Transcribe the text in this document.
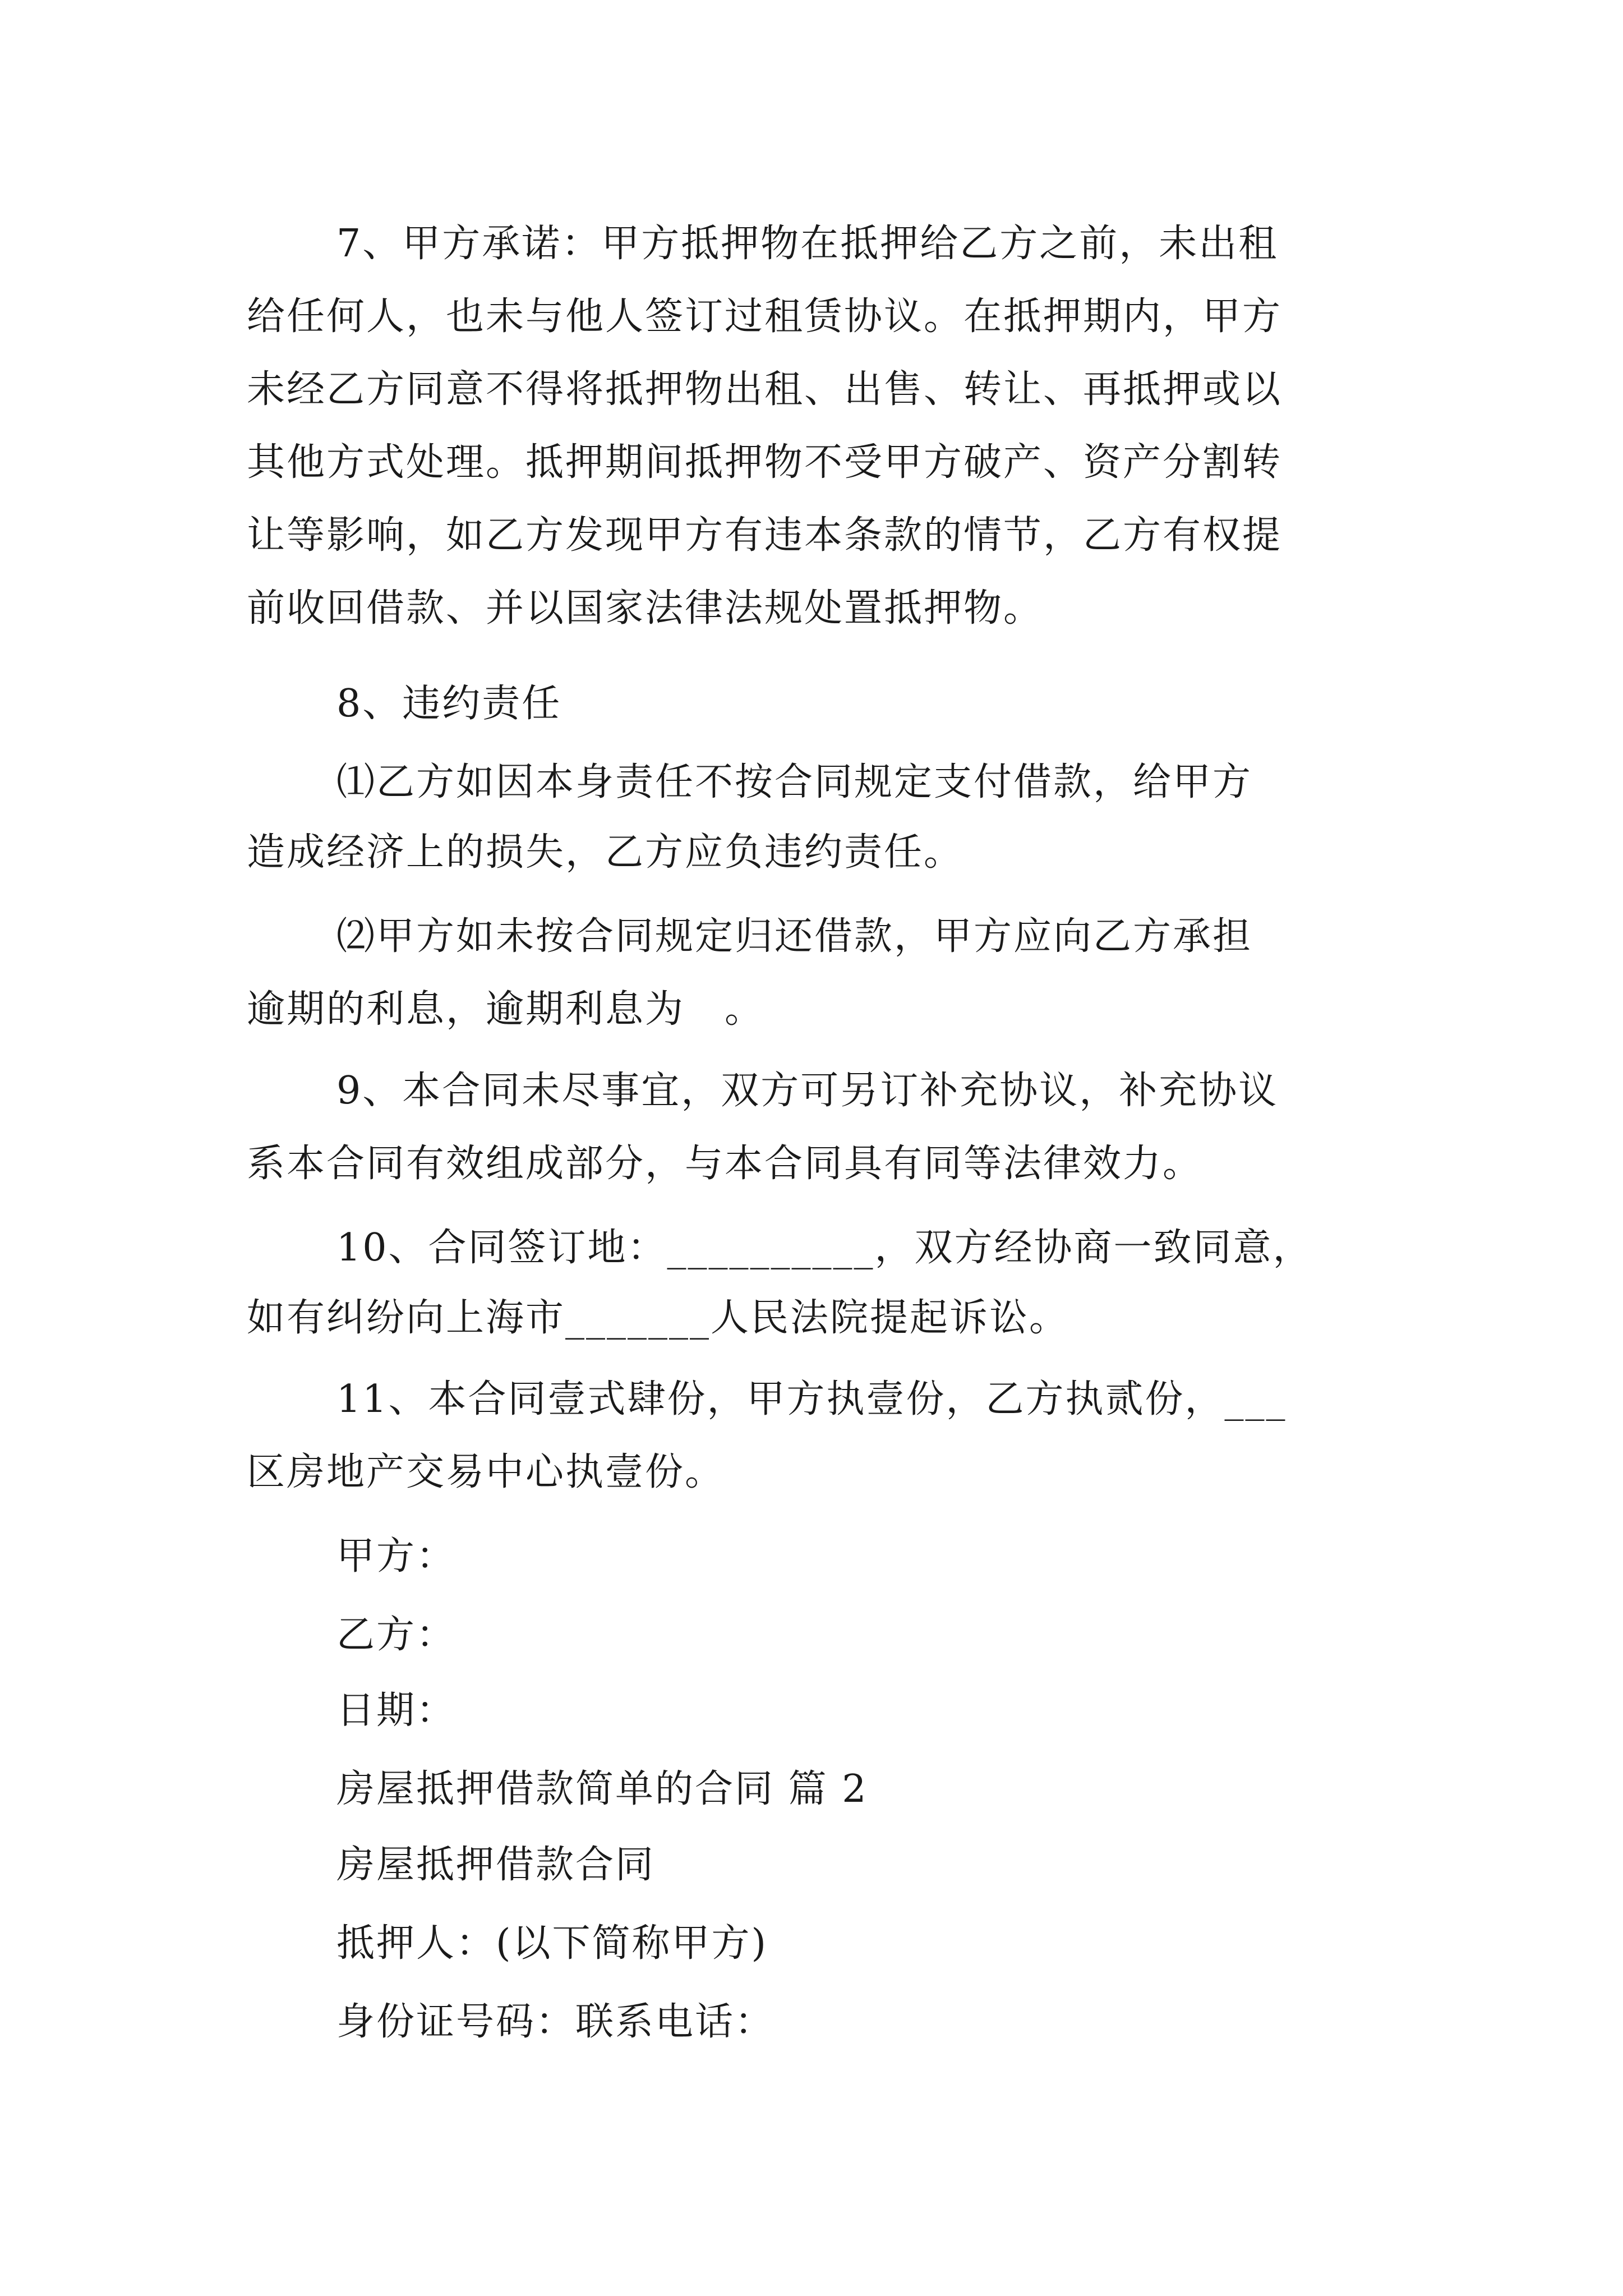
7、甲方承诺：甲方抵押物在抵押给乙方之前，未出租
给任何人，也未与他人签订过租赁协议。在抵押期内，甲方
未经乙方同意不得将抵押物出租、出售、转让、再抵押或以
其他方式处理。抵押期间抵押物不受甲方破产、资产分割转
让等影响，如乙方发现甲方有违本条款的情节，乙方有权提
前收回借款、并以国家法律法规处置抵押物。
8、违约责任
⑴乙方如因本身责任不按合同规定支付借款，给甲方
造成经济上的损失，乙方应负违约责任。
⑵甲方如未按合同规定归还借款，甲方应向乙方承担
逾期的利息，逾期利息为　。
9、本合同未尽事宜，双方可另订补充协议，补充协议
系本合同有效组成部分，与本合同具有同等法律效力。
10、合同签订地：__________，双方经协商一致同意，
如有纠纷向上海市_______人民法院提起诉讼。
11、本合同壹式肆份，甲方执壹份，乙方执贰份，___
区房地产交易中心执壹份。
甲方：
乙方：
日期：
房屋抵押借款简单的合同 篇 2
房屋抵押借款合同
抵押人：(以下简称甲方)
身份证号码：联系电话：
